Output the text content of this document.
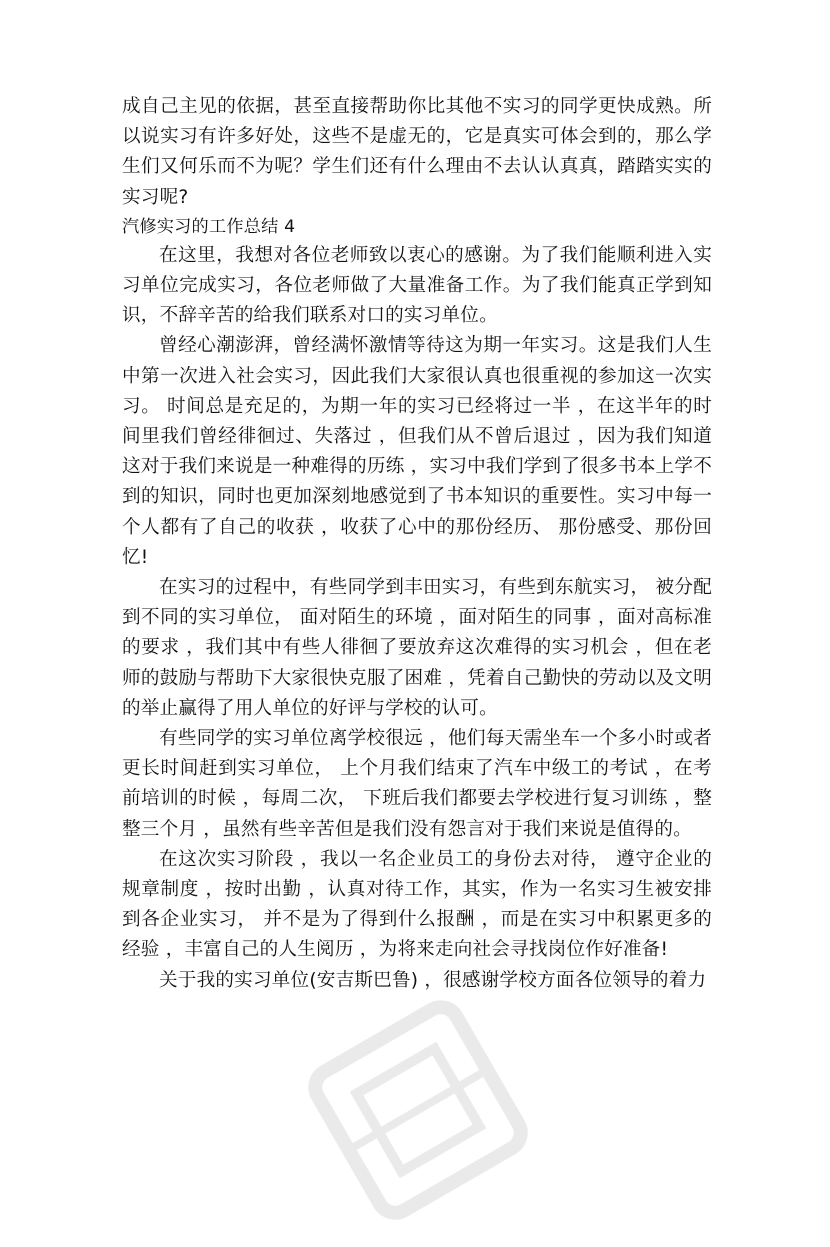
成自己主见的依据，甚至直接帮助你比其他不实习的同学更快成熟。所以说实习有许多好处，这些不是虚无的，它是真实可体会到的，那么学生们又何乐而不为呢？学生们还有什么理由不去认认真真，踏踏实实的实习呢?

汽修实习的工作总结 4

在这里，我想对各位老师致以衷心的感谢。为了我们能顺利进入实习单位完成实习，各位老师做了大量准备工作。为了我们能真正学到知识，不辞辛苦的给我们联系对口的实习单位。

曾经心潮澎湃，曾经满怀激情等待这为期一年实习。这是我们人生中第一次进入社会实习，因此我们大家很认真也很重视的参加这一次实习。 时间总是充足的，为期一年的实习已经将过一半 ，在这半年的时间里我们曾经徘徊过、失落过 ，但我们从不曾后退过 ，因为我们知道这对于我们来说是一种难得的历练 ，实习中我们学到了很多书本上学不到的知识，同时也更加深刻地感觉到了书本知识的重要性。实习中每一个人都有了自己的收获 ，收获了心中的那份经历、 那份感受、那份回忆!

在实习的过程中，有些同学到丰田实习，有些到东航实习， 被分配到不同的实习单位， 面对陌生的环境 ，面对陌生的同事 ，面对高标准的要求 ，我们其中有些人徘徊了要放弃这次难得的实习机会 ，但在老师的鼓励与帮助下大家很快克服了困难 ，凭着自己勤快的劳动以及文明的举止赢得了用人单位的好评与学校的认可。

有些同学的实习单位离学校很远 ，他们每天需坐车一个多小时或者更长时间赶到实习单位， 上个月我们结束了汽车中级工的考试 ，在考前培训的时候 ，每周二次， 下班后我们都要去学校进行复习训练 ，整整三个月 ，虽然有些辛苦但是我们没有怨言对于我们来说是值得的。

在这次实习阶段 ，我以一名企业员工的身份去对待， 遵守企业的规章制度 ，按时出勤 ，认真对待工作，其实，作为一名实习生被安排到各企业实习， 并不是为了得到什么报酬 ，而是在实习中积累更多的经验 ，丰富自己的人生阅历 ，为将来走向社会寻找岗位作好准备!

关于我的实习单位(安吉斯巴鲁) ，很感谢学校方面各位领导的着力
